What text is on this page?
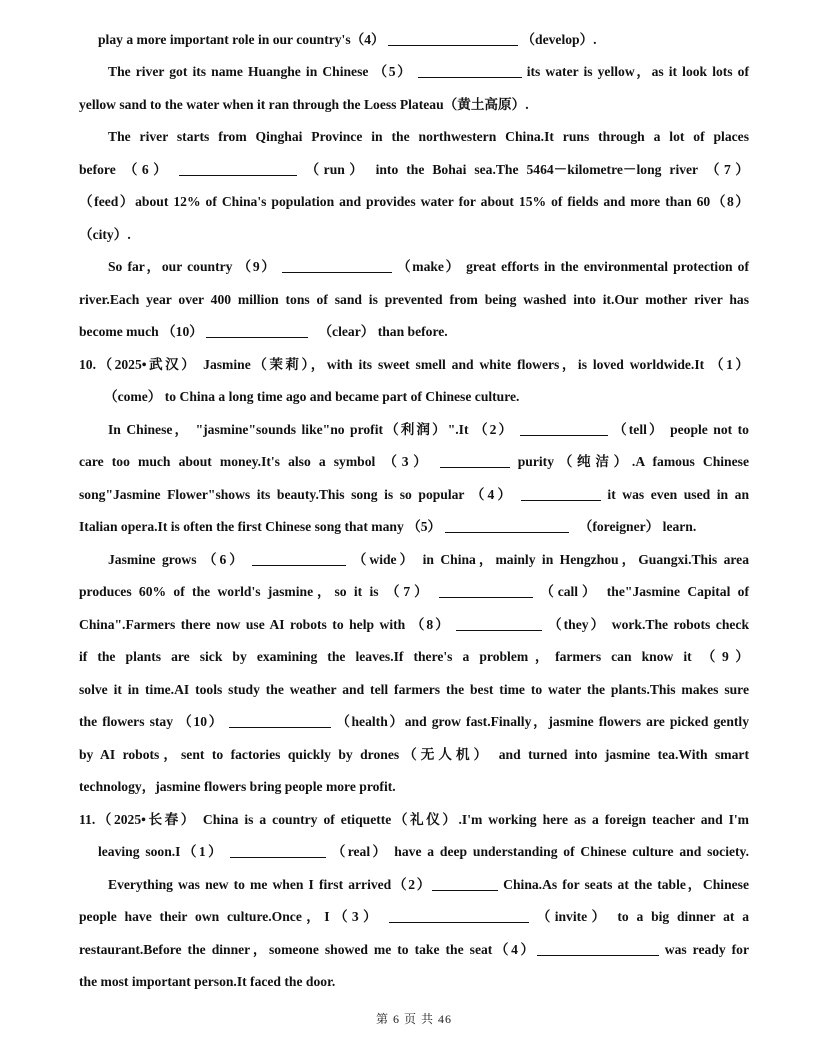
play a more important role in our country's（4）	（develop）.
The river got its name Huanghe in Chinese （5）	its water is yellow，as it look lots of
yellow sand to the water when it ran through the Loess Plateau（黄土高原）.
The river starts from Qinghai Province in the northwestern China.It runs through a lot of places
before （6）	（run） into the Bohai sea.The 5464－kilometre－long river （7）
（feed）about 12% of China's population and provides water for about 15% of fields and more than 60（8）
（city）.
So far，our country （9）	（make） great efforts in the environmental protection of
river.Each year over 400 million tons of sand is prevented from being washed into it.Our mother river has
become much （10）	（clear） than before.
10.（2025•武汉） Jasmine（茉莉），with its sweet smell and white flowers，is loved worldwide.It （1）
（come） to China a long time ago and became part of Chinese culture.
In Chinese， "jasmine"sounds like"no profit（利润）".It （2）	（tell） people not to
care too much about money.It's also a symbol （3）	purity（纯洁）.A famous Chinese
song"Jasmine Flower"shows its beauty.This song is so popular （4）	it was even used in an
Italian opera.It is often the first Chinese song that many （5）	（foreigner） learn.
Jasmine grows （6）	（wide） in China，mainly in Hengzhou，Guangxi.This area
produces 60% of the world's jasmine，so it is （7）	（call） the"Jasmine Capital of
China".Farmers there now use AI robots to help with （8）	（they） work.The robots check
if the plants are sick by examining the leaves.If there's a problem，farmers can know it （9）
solve it in time.AI tools study the weather and tell farmers the best time to water the plants.This makes sure
the flowers stay （10）	（health）and grow fast.Finally，jasmine flowers are picked gently
by AI robots，sent to factories quickly by drones（无人机） and turned into jasmine tea.With smart
technology，jasmine flowers bring people more profit.
11.（2025•长春） China is a country of etiquette（礼仪）.I'm working here as a foreign teacher and I'm
leaving soon.I（1）	（real） have a deep understanding of Chinese culture and society.
Everything was new to me when I first arrived（2）	China.As for seats at the table，Chinese
people have their own culture.Once，I（3）	（invite） to a big dinner at a
restaurant.Before the dinner，someone showed me to take the seat（4）	was ready for
the most important person.It faced the door.
第 6 页 共 46
